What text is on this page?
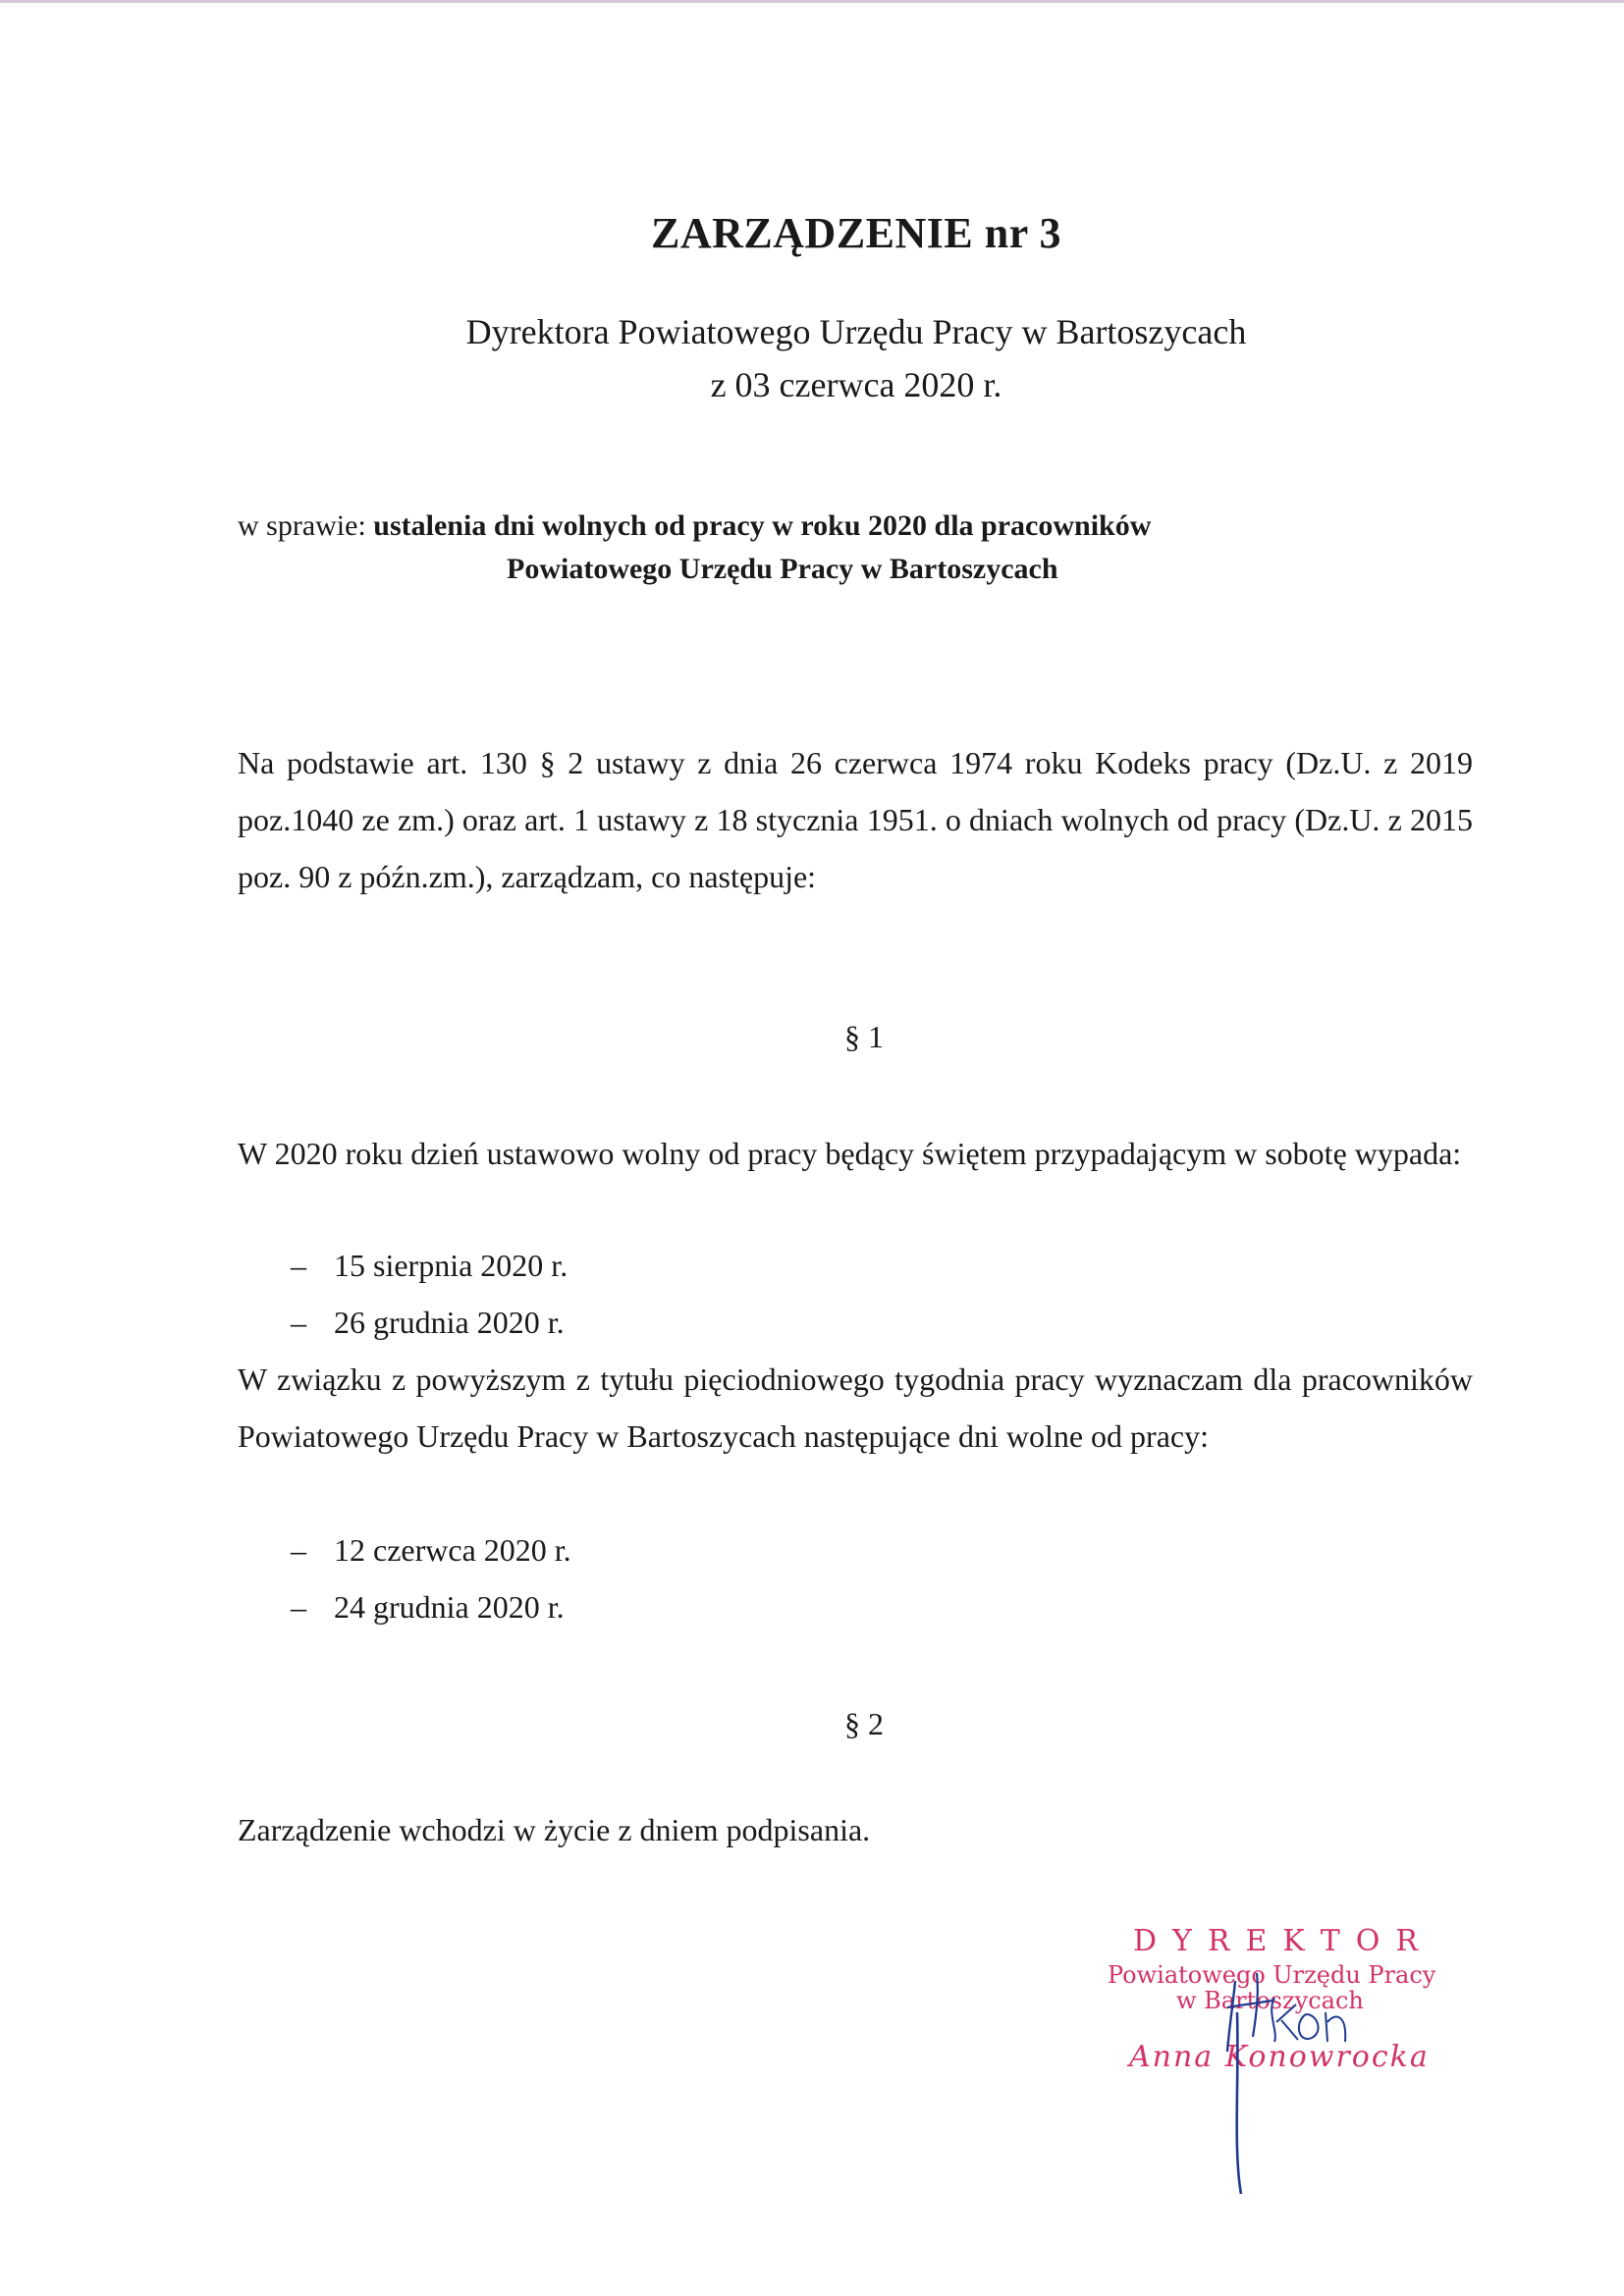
ZARZĄDZENIE nr 3
Dyrektora Powiatowego Urzędu Pracy w Bartoszycach
z 03 czerwca 2020 r.
w sprawie: ustalenia dni wolnych od pracy w roku 2020 dla pracowników
Powiatowego Urzędu Pracy w Bartoszycach
Na podstawie art. 130 § 2 ustawy z dnia 26 czerwca 1974 roku Kodeks pracy (Dz.U. z 2019 poz.1040 ze zm.) oraz art. 1 ustawy z 18 stycznia 1951. o dniach wolnych od pracy (Dz.U. z 2015 poz. 90 z późn.zm.), zarządzam, co następuje:
§ 1
W 2020 roku dzień ustawowo wolny od pracy będący świętem przypadającym w sobotę wypada:
– 15 sierpnia 2020 r.
– 26 grudnia 2020 r.
W związku z powyższym z tytułu pięciodniowego tygodnia pracy wyznaczam dla pracowników Powiatowego Urzędu Pracy w Bartoszycach następujące dni wolne od pracy:
– 12 czerwca 2020 r.
– 24 grudnia 2020 r.
§ 2
Zarządzenie wchodzi w życie z dniem podpisania.
DYREKTOR
Powiatowego Urzędu Pracy
w Bartoszycach
Anna Konowrocka
